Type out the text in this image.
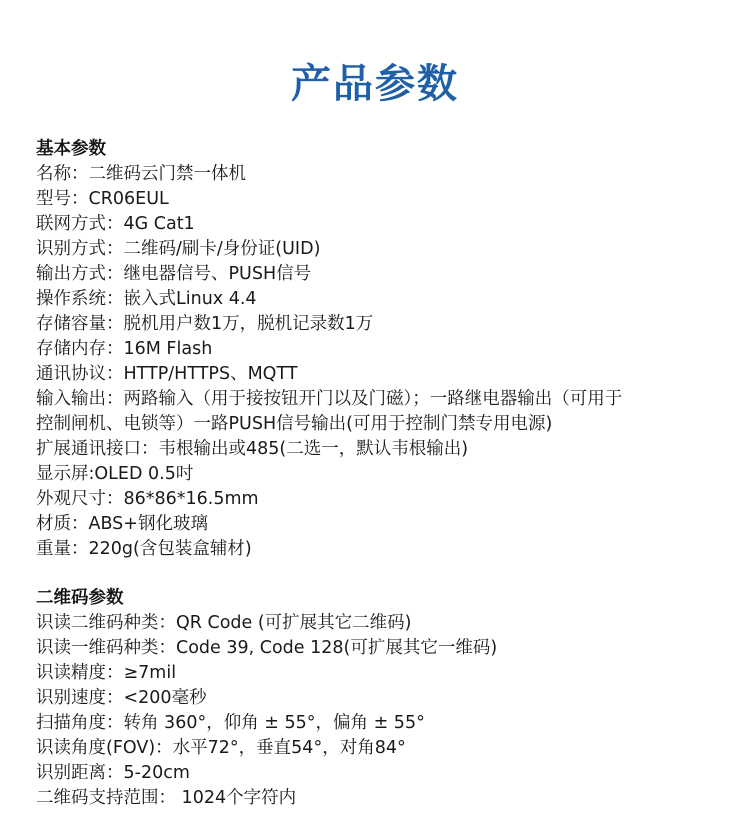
产品参数
基本参数
名称：二维码云门禁一体机
型号：CR06EUL
联网方式：4G Cat1
识别方式：二维码/刷卡/身份证(UID)
输出方式：继电器信号、PUSH信号
操作系统：嵌入式Linux 4.4
存储容量：脱机用户数1万，脱机记录数1万
存储内存：16M Flash
通讯协议：HTTP/HTTPS、MQTT
输入输出：两路输入（用于接按钮开门以及门磁）；一路继电器输出（可用于
控制闸机、电锁等）一路PUSH信号输出(可用于控制门禁专用电源)
扩展通讯接口：韦根输出或485(二选一，默认韦根输出)
显示屏:OLED 0.5吋
外观尺寸：86*86*16.5mm
材质：ABS+钢化玻璃
重量：220g(含包装盒辅材)
二维码参数
识读二维码种类：QR Code (可扩展其它二维码)
识读一维码种类：Code 39, Code 128(可扩展其它一维码)
识读精度：≥7mil
识别速度：<200毫秒
扫描角度：转角 360°，仰角 ± 55°，偏角 ± 55°
识读角度(FOV)：水平72°，垂直54°，对角84°
识别距离：5-20cm
二维码支持范围： 1024个字符内
